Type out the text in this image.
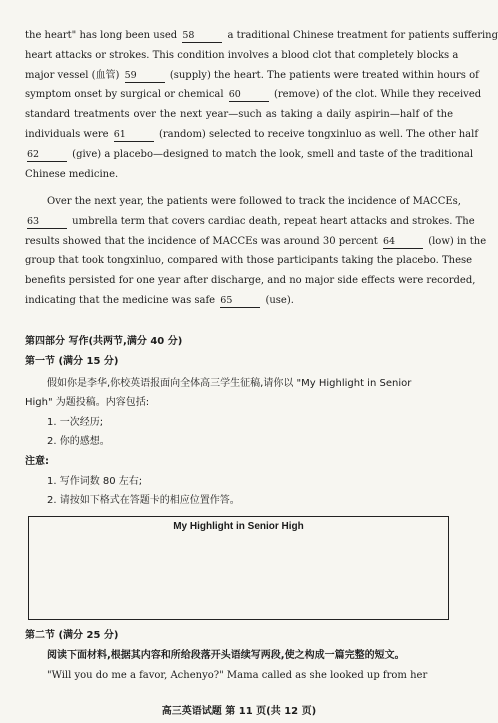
the heart" has long been used 58	a traditional Chinese treatment for patients suffering
heart attacks or strokes. This condition involves a blood clot that completely blocks a
major vessel (血管) 59	(supply) the heart. The patients were treated within hours of
symptom onset by surgical or chemical 60	(remove) of the clot. While they received
standard treatments over the next year—such as taking a daily aspirin—half of the
individuals were 61	(random) selected to receive tongxinluo as well. The other half
62	(give) a placebo—designed to match the look, smell and taste of the traditional
Chinese medicine.
Over the next year, the patients were followed to track the incidence of MACCEs,
63	umbrella term that covers cardiac death, repeat heart attacks and strokes. The
results showed that the incidence of MACCEs was around 30 percent 64	(low) in the
group that took tongxinluo, compared with those participants taking the placebo. These
benefits persisted for one year after discharge, and no major side effects were recorded,
indicating that the medicine was safe 65	(use).
第四部分 写作(共两节,满分 40 分)
第一节 (满分 15 分)
假如你是李华,你校英语报面向全体高三学生征稿,请你以 "My Highlight in Senior
High" 为题投稿。内容包括:
1. 一次经历;
2. 你的感想。
注意:
1. 写作词数 80 左右;
2. 请按如下格式在答题卡的相应位置作答。
My Highlight in Senior High
第二节 (满分 25 分)
阅读下面材料,根据其内容和所给段落开头语续写两段,使之构成一篇完整的短文。
"Will you do me a favor, Achenyo?" Mama called as she looked up from her
高三英语试题 第 11 页(共 12 页)
